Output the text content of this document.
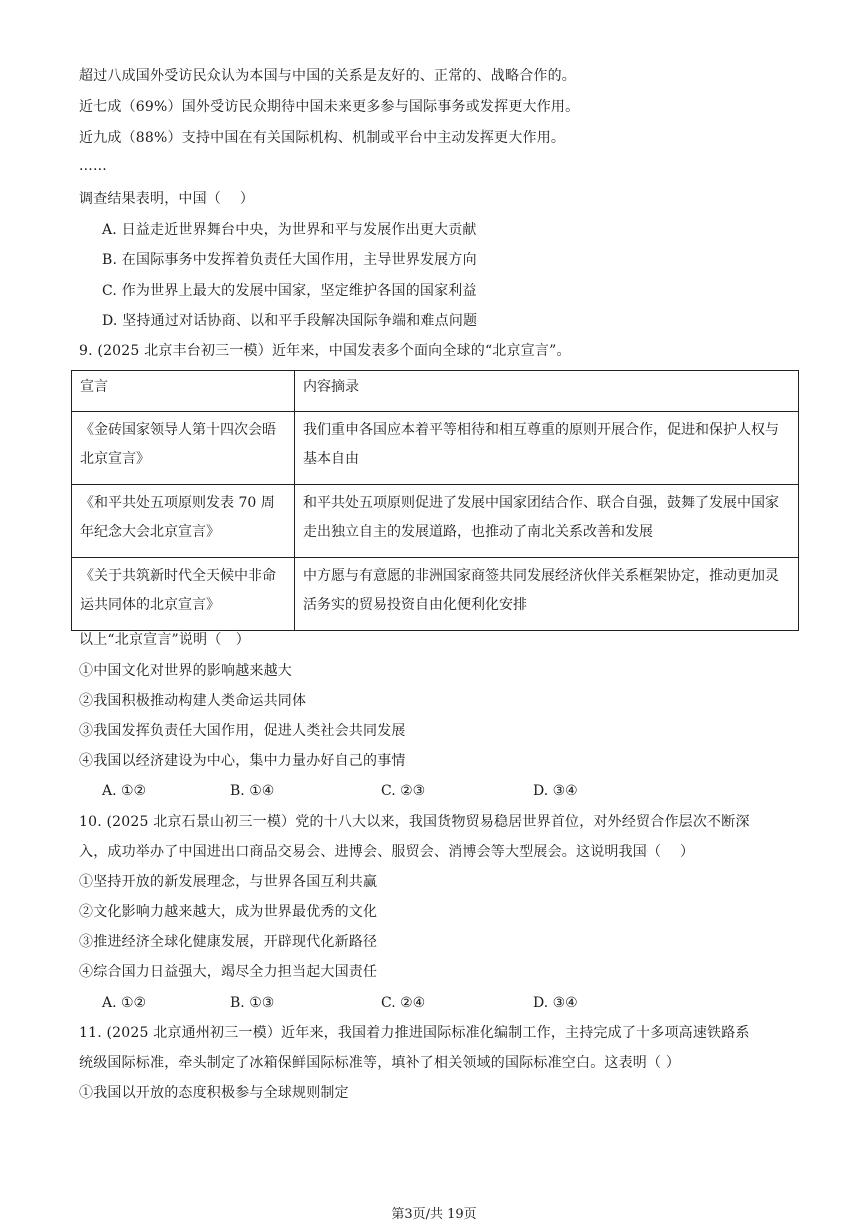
超过八成国外受访民众认为本国与中国的关系是友好的、正常的、战略合作的。
近七成（69%）国外受访民众期待中国未来更多参与国际事务或发挥更大作用。
近九成（88%）支持中国在有关国际机构、机制或平台中主动发挥更大作用。
......
调查结果表明，中国（　 ）
A. 日益走近世界舞台中央，为世界和平与发展作出更大贡献
B. 在国际事务中发挥着负责任大国作用，主导世界发展方向
C. 作为世界上最大的发展中国家，坚定维护各国的国家利益
D. 坚持通过对话协商、以和平手段解决国际争端和难点问题
9. (2025 北京丰台初三一模）近年来，中国发表多个面向全球的“北京宣言”。
宣言	内容摘录
《金砖国家领导人第十四次会晤北京宣言》	我们重申各国应本着平等相待和相互尊重的原则开展合作，促进和保护人权与基本自由
《和平共处五项原则发表 70 周年纪念大会北京宣言》	和平共处五项原则促进了发展中国家团结合作、联合自强，鼓舞了发展中国家走出独立自主的发展道路，也推动了南北关系改善和发展
《关于共筑新时代全天候中非命运共同体的北京宣言》	中方愿与有意愿的非洲国家商签共同发展经济伙伴关系框架协定，推动更加灵活务实的贸易投资自由化便利化安排
以上“北京宣言”说明（　）
①中国文化对世界的影响越来越大
②我国积极推动构建人类命运共同体
③我国发挥负责任大国作用，促进人类社会共同发展
④我国以经济建设为中心，集中力量办好自己的事情
A. ①②	B. ①④	C. ②③	D. ③④
10. (2025 北京石景山初三一模）党的十八大以来，我国货物贸易稳居世界首位，对外经贸合作层次不断深
入，成功举办了中国进出口商品交易会、进博会、服贸会、消博会等大型展会。这说明我国（　 ）
①坚持开放的新发展理念，与世界各国互利共赢
②文化影响力越来越大，成为世界最优秀的文化
③推进经济全球化健康发展，开辟现代化新路径
④综合国力日益强大，竭尽全力担当起大国责任
A. ①②	B. ①③	C. ②④	D. ③④
11. (2025 北京通州初三一模）近年来，我国着力推进国际标准化编制工作，主持完成了十多项高速铁路系
统级国际标准，牵头制定了冰箱保鲜国际标准等，填补了相关领域的国际标准空白。这表明（ ）
①我国以开放的态度积极参与全球规则制定
第3页/共 19页
